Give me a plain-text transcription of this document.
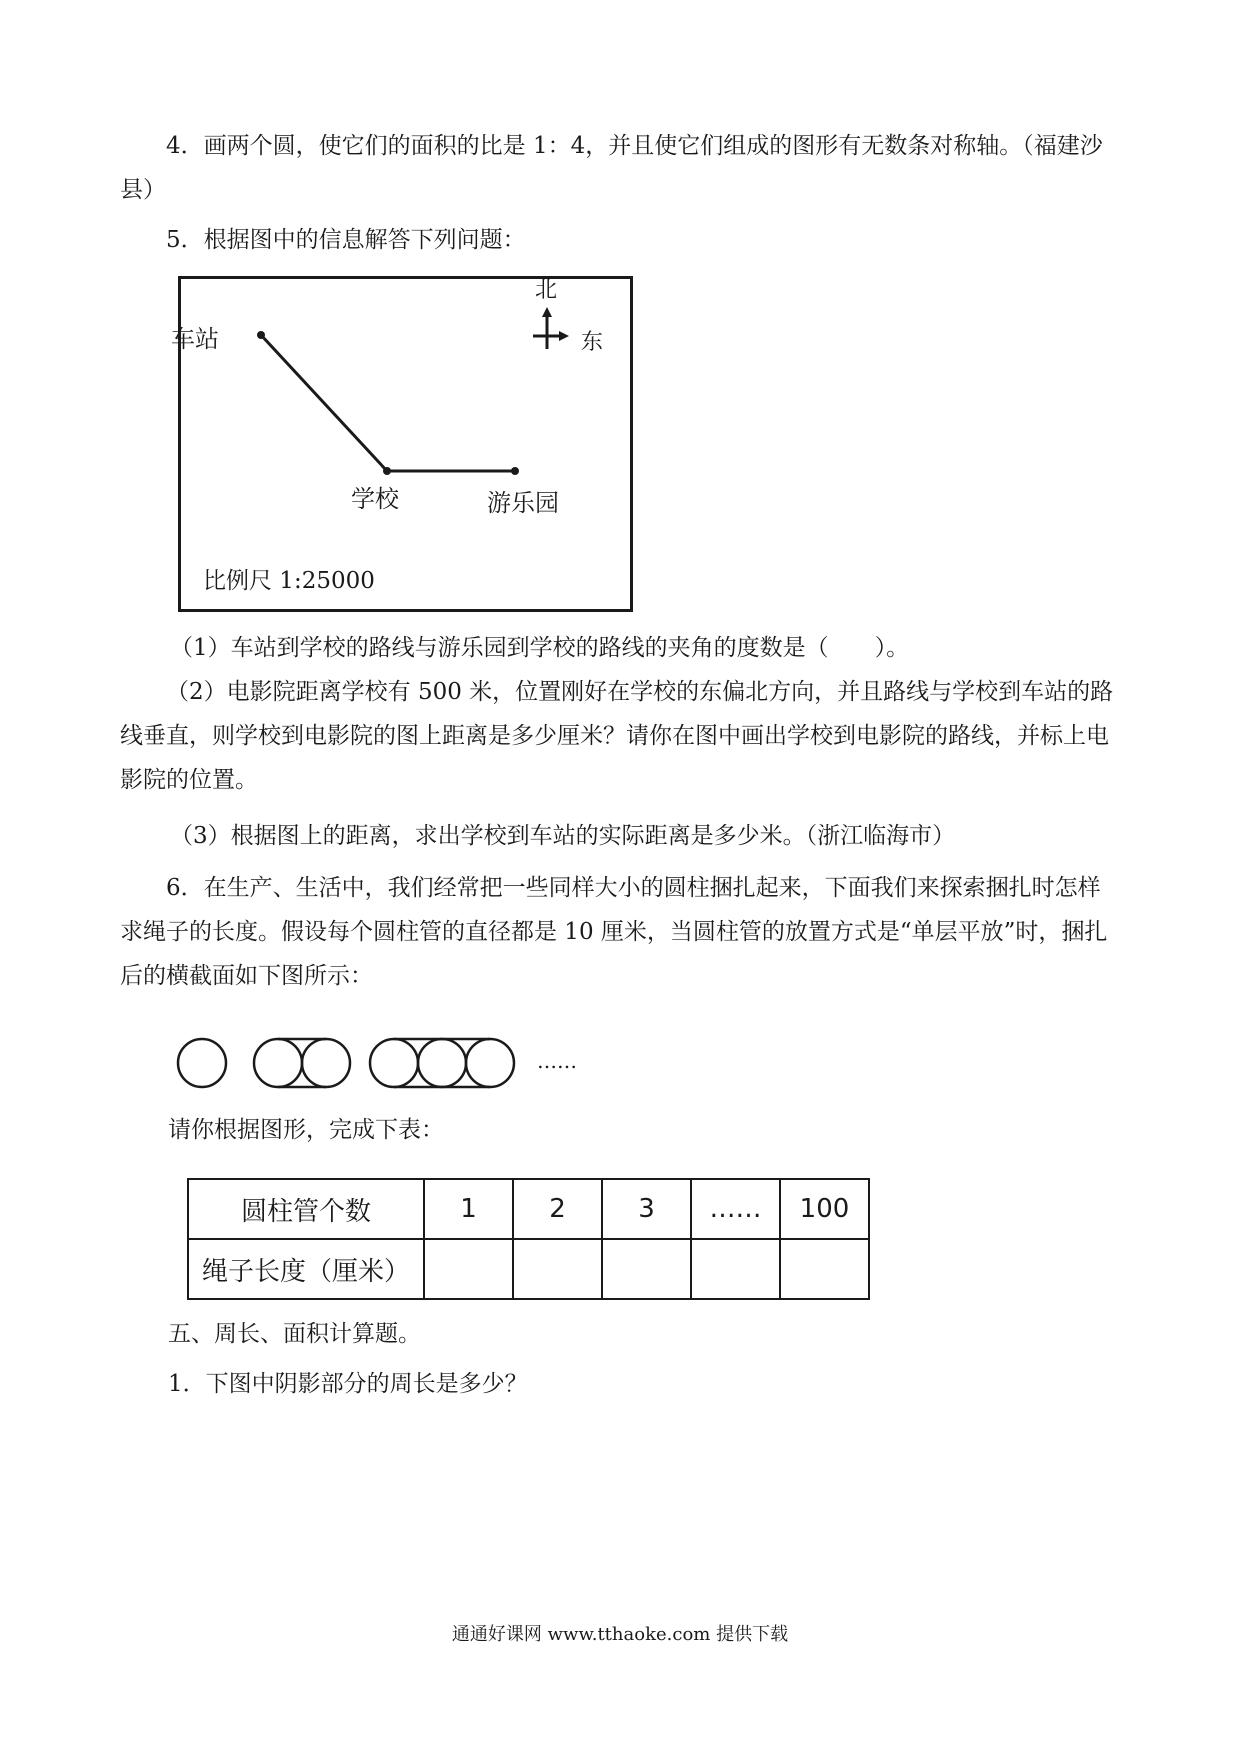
4．画两个圆，使它们的面积的比是 1：4，并且使它们组成的图形有无数条对称轴。（福建沙县）
5．根据图中的信息解答下列问题：
车站
学校	游乐园
北
东
比例尺 1:25000
（1）车站到学校的路线与游乐园到学校的路线的夹角的度数是（　　）。
（2）电影院距离学校有 500 米，位置刚好在学校的东偏北方向，并且路线与学校到车站的路线垂直，则学校到电影院的图上距离是多少厘米？请你在图中画出学校到电影院的路线，并标上电影院的位置。
（3）根据图上的距离，求出学校到车站的实际距离是多少米。（浙江临海市）
6．在生产、生活中，我们经常把一些同样大小的圆柱捆扎起来，下面我们来探索捆扎时怎样求绳子的长度。假设每个圆柱管的直径都是 10 厘米，当圆柱管的放置方式是“单层平放”时，捆扎后的横截面如下图所示：
……
请你根据图形，完成下表：
圆柱管个数	1	2	3	……	100
绳子长度（厘米）					
五、周长、面积计算题。
1．下图中阴影部分的周长是多少？
通通好课网 www.tthaoke.com 提供下载
